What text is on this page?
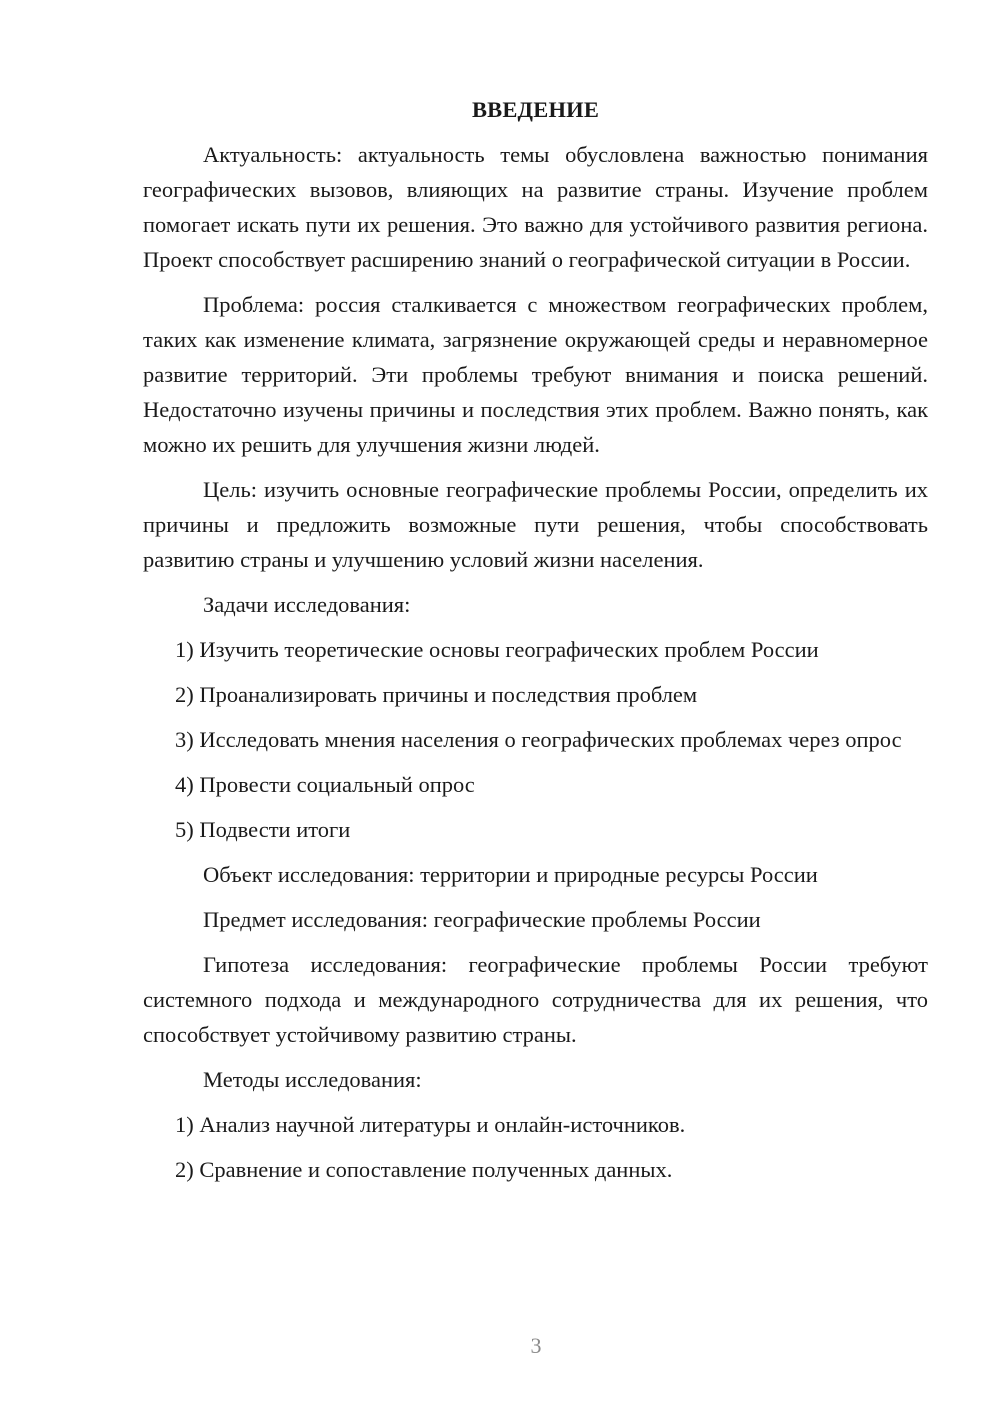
ВВЕДЕНИЕ

Актуальность: актуальность темы обусловлена важностью понимания географических вызовов, влияющих на развитие страны. Изучение проблем помогает искать пути их решения. Это важно для устойчивого развития региона. Проект способствует расширению знаний о географической ситуации в России.

Проблема: россия сталкивается с множеством географических проблем, таких как изменение климата, загрязнение окружающей среды и неравномерное развитие территорий. Эти проблемы требуют внимания и поиска решений. Недостаточно изучены причины и последствия этих проблем. Важно понять, как можно их решить для улучшения жизни людей.

Цель: изучить основные географические проблемы России, определить их причины и предложить возможные пути решения, чтобы способствовать развитию страны и улучшению условий жизни населения.

Задачи исследования:

1) Изучить теоретические основы географических проблем России

2) Проанализировать причины и последствия проблем

3) Исследовать мнения населения о географических проблемах через опрос

4) Провести социальный опрос

5) Подвести итоги

Объект исследования: территории и природные ресурсы России

Предмет исследования: географические проблемы России

Гипотеза исследования: географические проблемы России требуют системного подхода и международного сотрудничества для их решения, что способствует устойчивому развитию страны.

Методы исследования:

1) Анализ научной литературы и онлайн-источников.

2) Сравнение и сопоставление полученных данных.

3
